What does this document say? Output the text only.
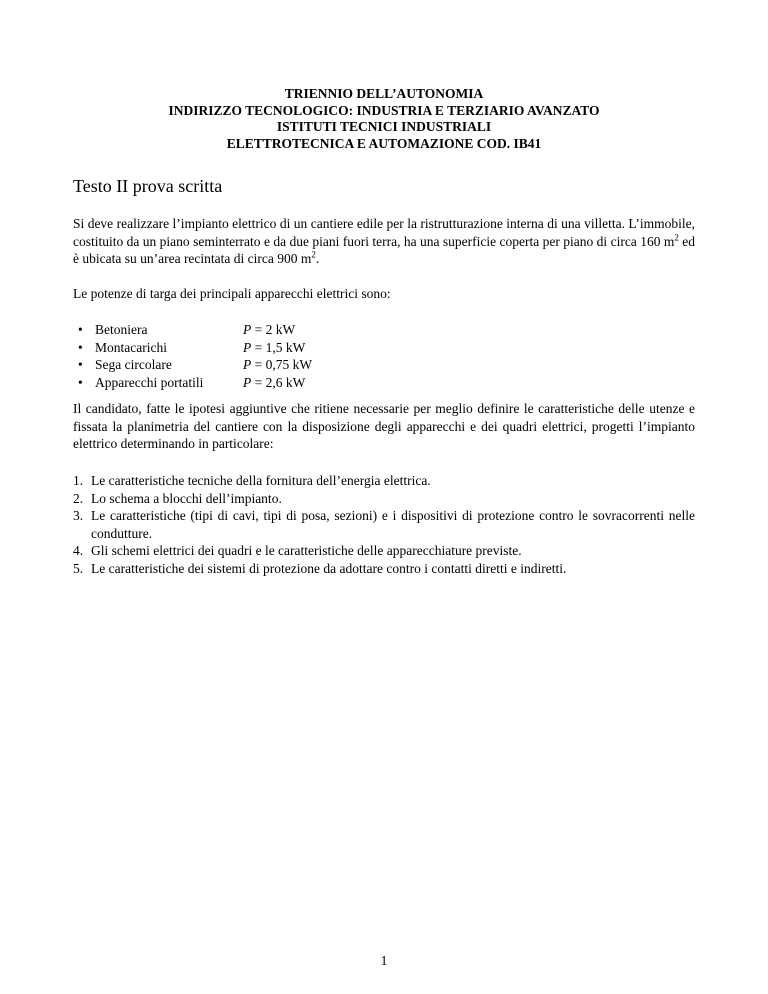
TRIENNIO DELL’AUTONOMIA
INDIRIZZO TECNOLOGICO: INDUSTRIA E TERZIARIO AVANZATO
ISTITUTI TECNICI INDUSTRIALI
ELETTROTECNICA E AUTOMAZIONE COD. IB41
Testo II prova scritta
Si deve realizzare l’impianto elettrico di un cantiere edile per la ristrutturazione interna di una villetta. L’immobile, costituito da un piano seminterrato e da due piani fuori terra, ha una superficie coperta per piano di circa 160 $m^2$ ed è ubicata su un’area recintata di circa 900 $m^2$.
Le potenze di targa dei principali apparecchi elettrici sono:
• Betoniera	P = 2 kW
• Montacarichi	P = 1,5 kW
• Sega circolare	P = 0,75 kW
• Apparecchi portatili	P = 2,6 kW
Il candidato, fatte le ipotesi aggiuntive che ritiene necessarie per meglio definire le caratteristiche delle utenze e fissata la planimetria del cantiere con la disposizione degli apparecchi e dei quadri elettrici, progetti l’impianto elettrico determinando in particolare:
1. Le caratteristiche tecniche della fornitura dell’energia elettrica.
2. Lo schema a blocchi dell’impianto.
3. Le caratteristiche (tipi di cavi, tipi di posa, sezioni) e i dispositivi di protezione contro le sovracorrenti nelle condutture.
4. Gli schemi elettrici dei quadri e le caratteristiche delle apparecchiature previste.
5. Le caratteristiche dei sistemi di protezione da adottare contro i contatti diretti e indiretti.
1
